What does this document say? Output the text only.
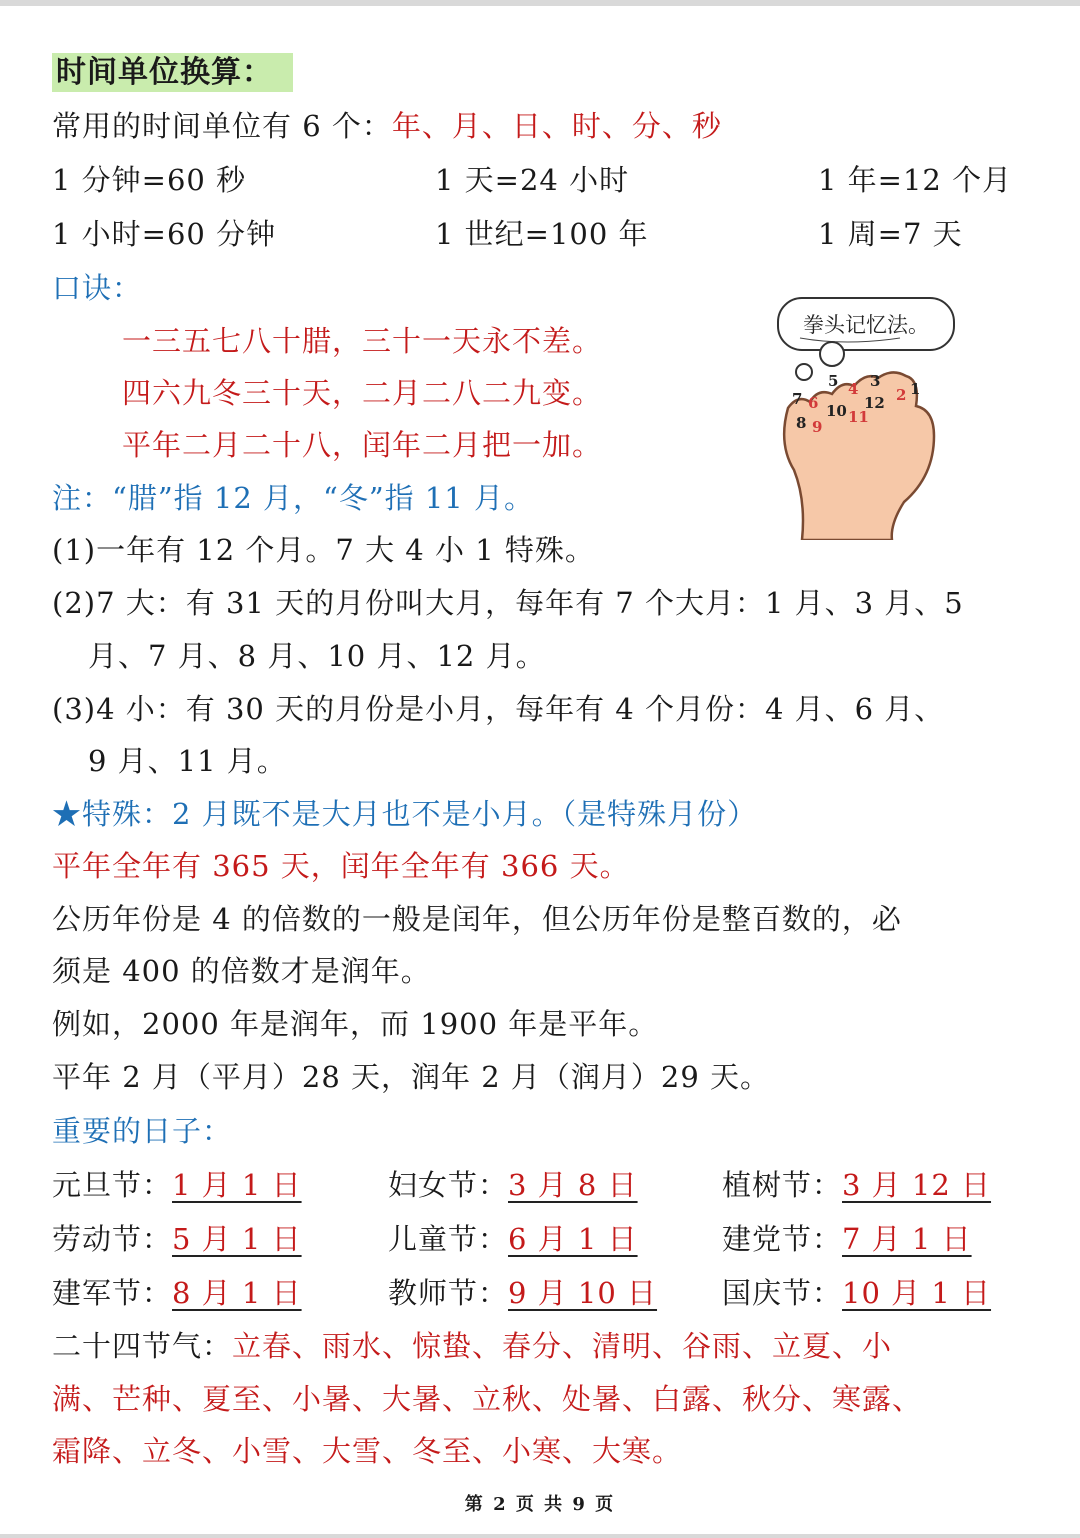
时间单位换算：
常用的时间单位有 6 个：年、月、日、时、分、秒
1 分钟=60 秒	1 天=24 小时	1 年=12 个月
1 小时=60 分钟	1 世纪=100 年	1 周=7 天
口诀：
一三五七八十腊，三十一天永不差。
四六九冬三十天，二月二八二九变。
平年二月二十八，闰年二月把一加。
注：“腊”指 12 月，“冬”指 11 月。
拳头记忆法。
1
2
3
4
5
6
7
8 9
10 11
12
(1)一年有 12 个月。7 大 4 小 1 特殊。
(2)7 大：有 31 天的月份叫大月，每年有 7 个大月：1 月、3 月、5
月、7 月、8 月、10 月、12 月。
(3)4 小：有 30 天的月份是小月，每年有 4 个月份：4 月、6 月、
9 月、11 月。
★特殊：2 月既不是大月也不是小月。（是特殊月份）
平年全年有 365 天，闰年全年有 366 天。
公历年份是 4 的倍数的一般是闰年，但公历年份是整百数的，必
须是 400 的倍数才是润年。
例如，2000 年是润年，而 1900 年是平年。
平年 2 月（平月）28 天，润年 2 月（润月）29 天。
重要的日子：
元旦节：1 月 1 日	妇女节：3 月 8 日	植树节：3 月 12 日
劳动节：5 月 1 日	儿童节：6 月 1 日	建党节：7 月 1 日
建军节：8 月 1 日	教师节：9 月 10 日 国庆节：10 月 1 日
二十四节气：立春、雨水、惊蛰、春分、清明、谷雨、立夏、小
满、芒种、夏至、小暑、大暑、立秋、处暑、白露、秋分、寒露、
霜降、立冬、小雪、大雪、冬至、小寒、大寒。
第 2 页 共 9 页
